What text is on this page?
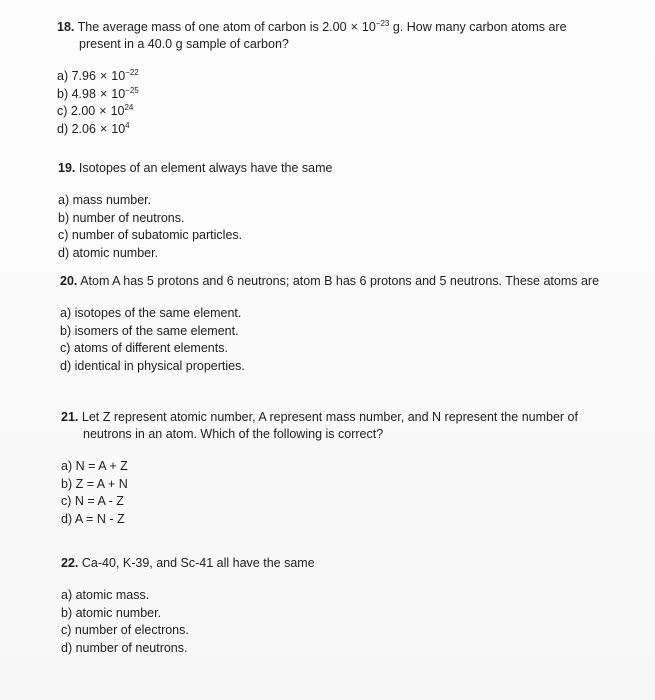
18. The average mass of one atom of carbon is $2.00 \times 10^{-23}$ g. How many carbon atoms are present in a 40.0 g sample of carbon?
a) $7.96 \times 10^{-22}$
b) $4.98 \times 10^{-25}$
c) $2.00 \times 10^{24}$
d) $2.06 \times 10^4$
19. Isotopes of an element always have the same
a) mass number.
b) number of neutrons.
c) number of subatomic particles.
d) atomic number.
20. Atom A has 5 protons and 6 neutrons; atom B has 6 protons and 5 neutrons. These atoms are
a) isotopes of the same element.
b) isomers of the same element.
c) atoms of different elements.
d) identical in physical properties.
21. Let Z represent atomic number, A represent mass number, and N represent the number of neutrons in an atom. Which of the following is correct?
a) N = A + Z
b) Z = A + N
c) N = A - Z
d) A = N - Z
22. Ca-40, K-39, and Sc-41 all have the same
a) atomic mass.
b) atomic number.
c) number of electrons.
d) number of neutrons.
